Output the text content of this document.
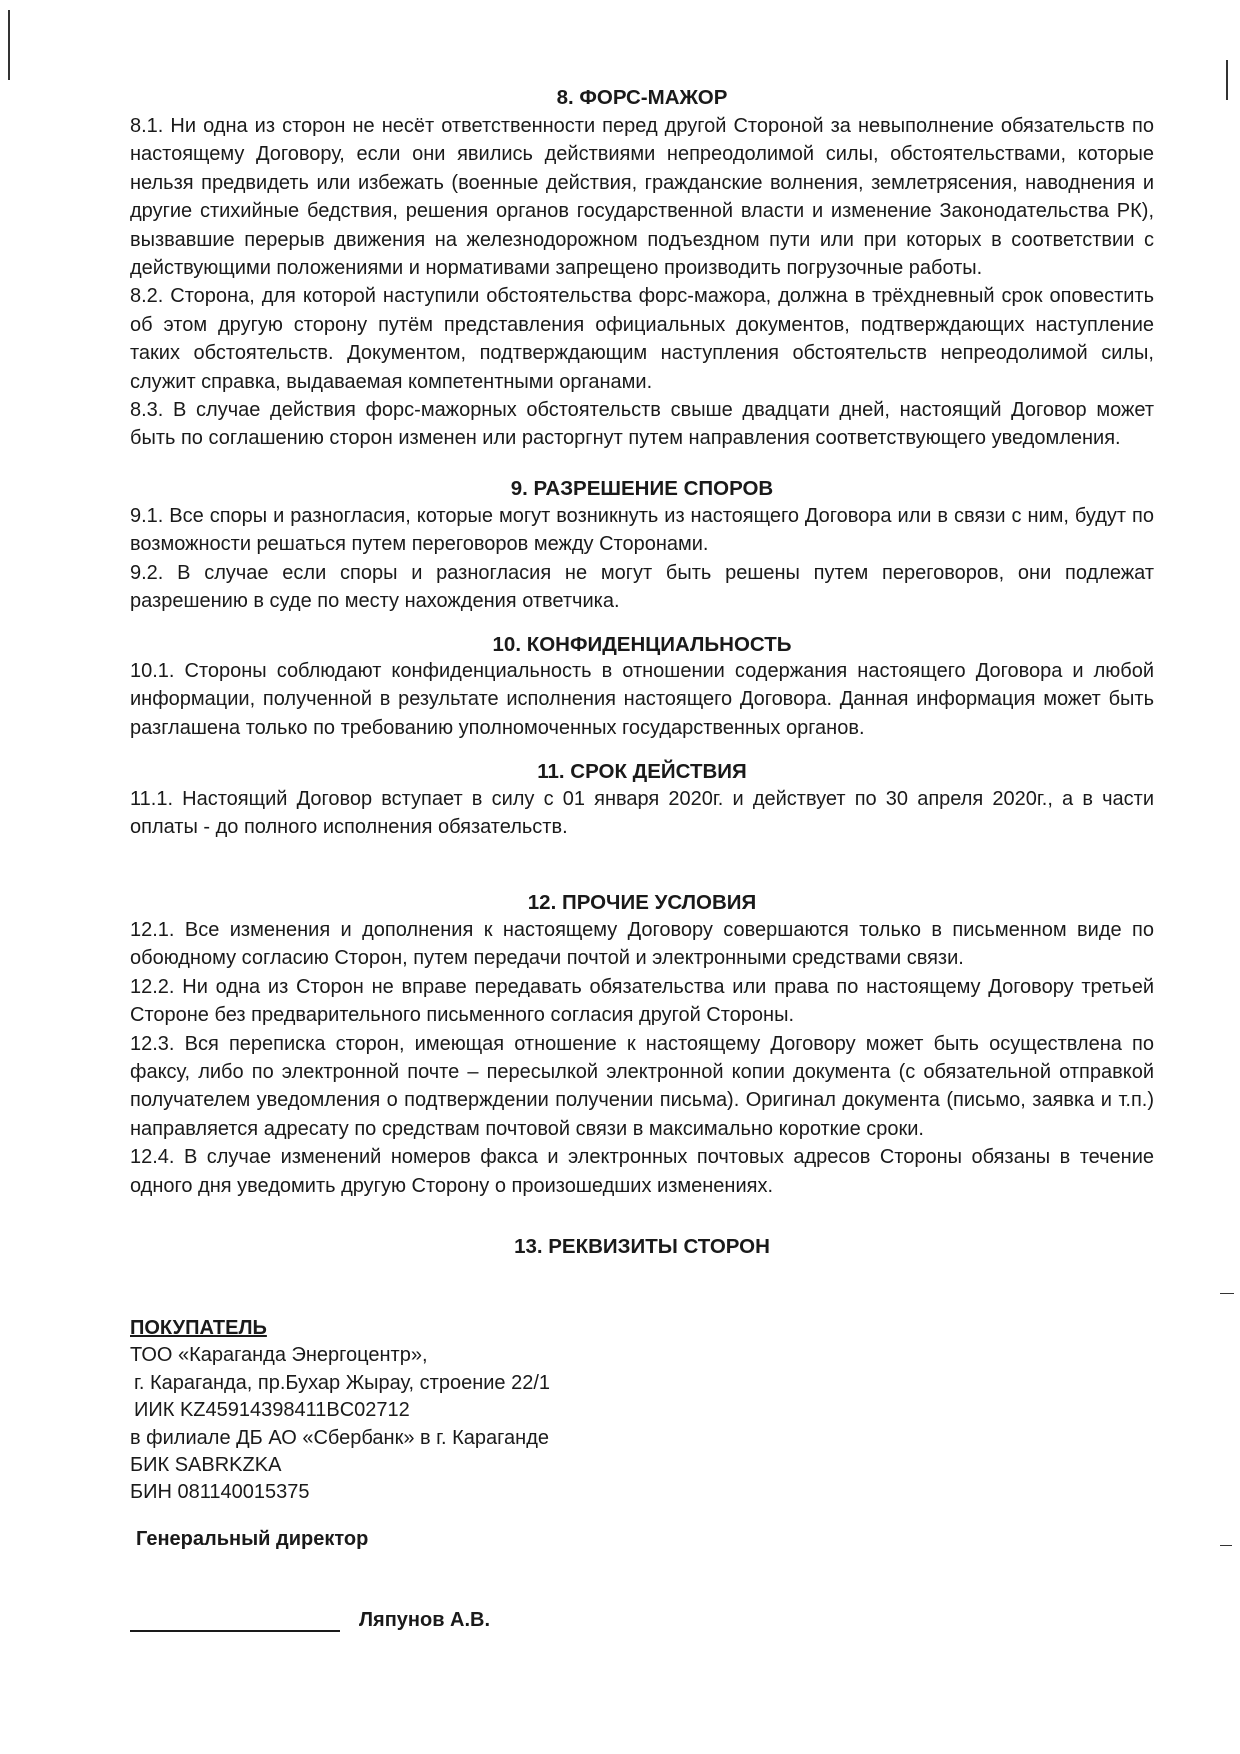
8. ФОРС-МАЖОР

8.1. Ни одна из сторон не несёт ответственности перед другой Стороной за невыполнение обязательств по настоящему Договору, если они явились действиями непреодолимой силы, обстоятельствами, которые нельзя предвидеть или избежать (военные действия, гражданские волнения, землетрясения, наводнения и другие стихийные бедствия, решения органов государственной власти и изменение Законодательства РК), вызвавшие перерыв движения на железнодорожном подъездном пути или при которых в соответствии с действующими положениями и нормативами запрещено производить погрузочные работы.

8.2. Сторона, для которой наступили обстоятельства форс-мажора, должна в трёхдневный срок оповестить об этом другую сторону путём представления официальных документов, подтверждающих наступление таких обстоятельств. Документом, подтверждающим наступления обстоятельств непреодолимой силы, служит справка, выдаваемая компетентными органами.

8.3. В случае действия форс-мажорных обстоятельств свыше двадцати дней, настоящий Договор может быть по соглашению сторон изменен или расторгнут путем направления соответствующего уведомления.

9. РАЗРЕШЕНИЕ СПОРОВ

9.1. Все споры и разногласия, которые могут возникнуть из настоящего Договора или в связи с ним, будут по возможности решаться путем переговоров между Сторонами.

9.2. В случае если споры и разногласия не могут быть решены путем переговоров, они подлежат разрешению в суде по месту нахождения ответчика.

10. КОНФИДЕНЦИАЛЬНОСТЬ

10.1. Стороны соблюдают конфиденциальность в отношении содержания настоящего Договора и любой информации, полученной в результате исполнения настоящего Договора. Данная информация может быть разглашена только по требованию уполномоченных государственных органов.

11. СРОК ДЕЙСТВИЯ

11.1. Настоящий Договор вступает в силу с 01 января 2020г. и действует по 30 апреля 2020г., а в части оплаты - до полного исполнения обязательств.

12. ПРОЧИЕ УСЛОВИЯ

12.1. Все изменения и дополнения к настоящему Договору совершаются только в письменном виде по обоюдному согласию Сторон, путем передачи почтой и электронными средствами связи.

12.2. Ни одна из Сторон не вправе передавать обязательства или права по настоящему Договору третьей Стороне без предварительного письменного согласия другой Стороны.

12.3. Вся переписка сторон, имеющая отношение к настоящему Договору может быть осуществлена по факсу, либо по электронной почте – пересылкой электронной копии документа (с обязательной отправкой получателем уведомления о подтверждении получении письма). Оригинал документа (письмо, заявка и т.п.) направляется адресату по средствам почтовой связи в максимально короткие сроки.

12.4. В случае изменений номеров факса и электронных почтовых адресов Стороны обязаны в течение одного дня уведомить другую Сторону о произошедших изменениях.

13. РЕКВИЗИТЫ СТОРОН
ПОКУПАТЕЛЬ
ТОО «Караганда Энергоцентр»,
г. Караганда, пр.Бухар Жырау, строение 22/1
ИИК KZ45914398411BC02712
в филиале ДБ АО «Сбербанк» в г. Караганде
БИК SABRKZKA
БИН 081140015375
Генеральный директор
Ляпунов А.В.
